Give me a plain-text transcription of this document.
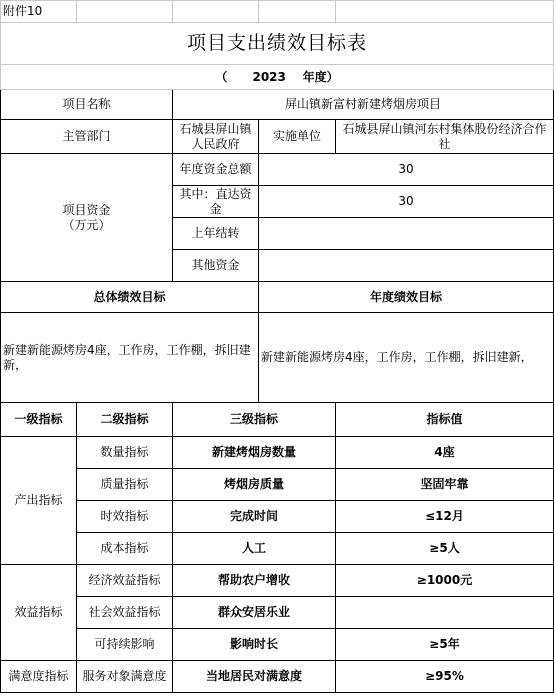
附件10				
项目支出绩效目标表				
（ 2023 年度）				
项目名称		屏山镇新富村新建烤烟房项目		
主管部门		石城县屏山镇人民政府	实施单位	石城县屏山镇河东村集体股份经济合作社
项目资金
（万元）		年度资金总额	30	
		其中：直达资金	30	
		上年结转		
		其他资金		
总体绩效目标			年度绩效目标	
新建新能源烤房4座，工作房，工作棚，拆旧建新，			新建新能源烤房4座，工作房，工作棚，拆旧建新，	
一级指标	二级指标	三级指标		指标值
产出指标	数量指标	新建烤烟房数量		4座
	质量指标	烤烟房质量		坚固牢靠
	时效指标	完成时间		≤12月
	成本指标	人工		≥5人
效益指标	经济效益指标	帮助农户增收		≥1000元
	社会效益指标	群众安居乐业		
	可持续影响	影响时长		≥5年
满意度指标	服务对象满意度	当地居民对满意度		≥95%
